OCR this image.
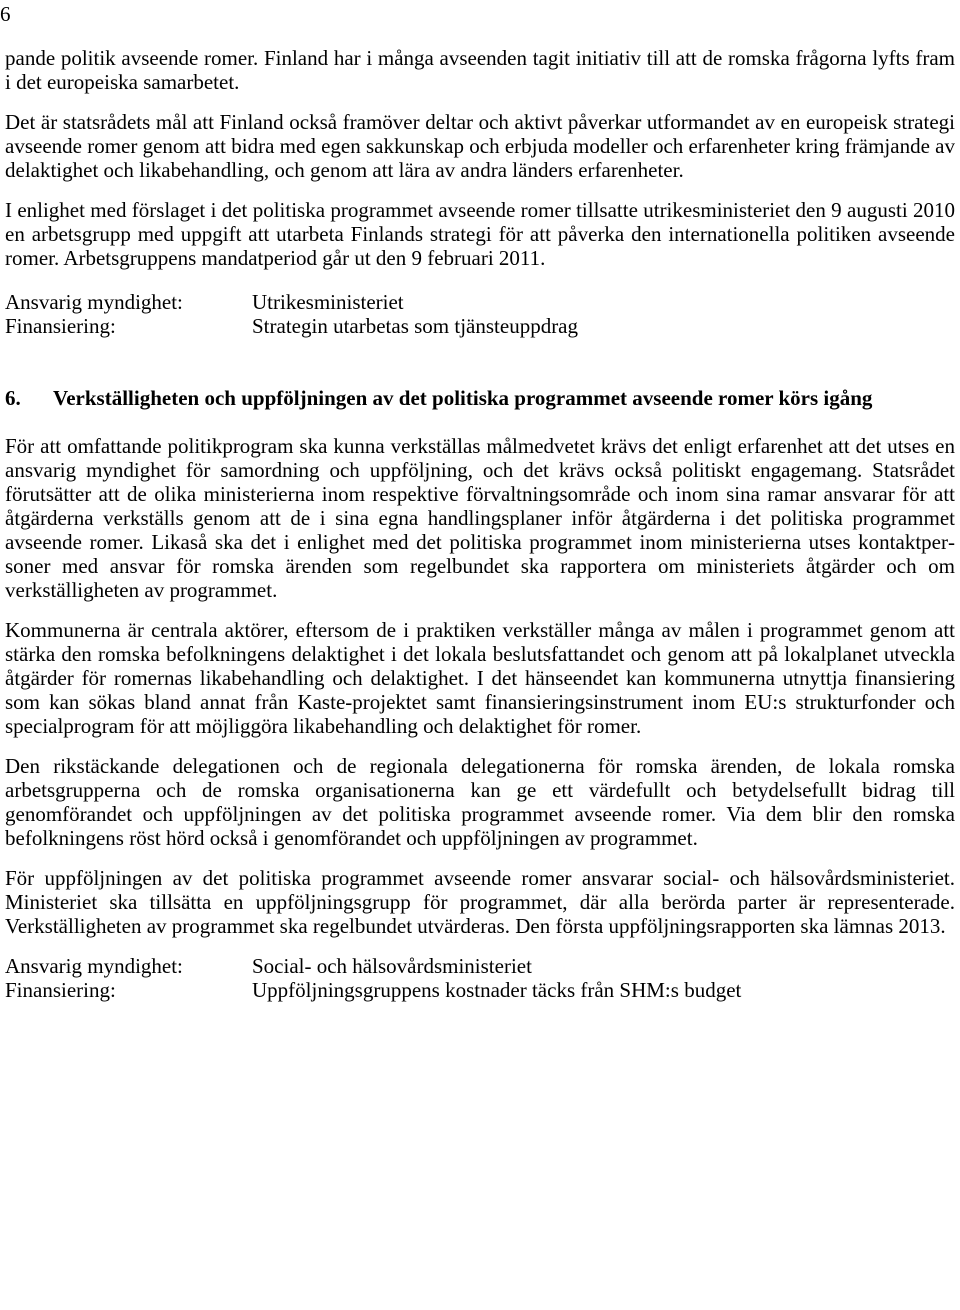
6

pande politik avseende romer. Finland har i många avseenden tagit initiativ till att de romska frågorna lyfts fram i det europeiska samarbetet.

Det är statsrådets mål att Finland också framöver deltar och aktivt påverkar utformandet av en europeisk strategi avseende romer genom att bidra med egen sakkunskap och erbjuda modeller och erfarenheter kring främjande av delaktighet och likabehandling, och genom att lära av andra länders erfarenheter.

I enlighet med förslaget i det politiska programmet avseende romer tillsatte utrikesministeriet den 9 augusti 2010 en arbetsgrupp med uppgift att utarbeta Finlands strategi för att påverka den internationella politiken avseende romer. Arbetsgruppens mandatperiod går ut den 9 februari 2011.

Ansvarig myndighet:	Utrikesministeriet
Finansiering:	Strategin utarbetas som tjänsteuppdrag
6.	Verkställigheten och uppföljningen av det politiska programmet avseende romer körs igång

För att omfattande politikprogram ska kunna verkställas målmedvetet krävs det enligt erfarenhet att det utses en ansvarig myndighet för samordning och uppföljning, och det krävs också politiskt engagemang. Statsrådet förutsätter att de olika ministerierna inom respektive förvaltningsområde och inom sina ramar ansvarar för att åtgärderna verkställs genom att de i sina egna handlingsplaner inför åtgärderna i det politiska programmet avseende romer. Likaså ska det i enlighet med det politiska programmet inom ministerierna utses kontaktpersoner med ansvar för romska ärenden som regelbundet ska rapportera om ministeriets åtgärder och om verkställigheten av programmet.

Kommunerna är centrala aktörer, eftersom de i praktiken verkställer många av målen i programmet genom att stärka den romska befolkningens delaktighet i det lokala beslutsfattandet och genom att på lokalplanet utveckla åtgärder för romernas likabehandling och delaktighet. I det hänseendet kan kommunerna utnyttja finansiering som kan sökas bland annat från Kaste-projektet samt finansieringsinstrument inom EU:s strukturfonder och specialprogram för att möjliggöra likabehandling och delaktighet för romer.

Den rikstäckande delegationen och de regionala delegationerna för romska ärenden, de lokala romska arbetsgrupperna och de romska organisationerna kan ge ett värdefullt och betydelsefullt bidrag till genomförandet och uppföljningen av det politiska programmet avseende romer. Via dem blir den romska befolkningens röst hörd också i genomförandet och uppföljningen av programmet.

För uppföljningen av det politiska programmet avseende romer ansvarar social- och hälsovårdsministeriet. Ministeriet ska tillsätta en uppföljningsgrupp för programmet, där alla berörda parter är representerade. Verkställigheten av programmet ska regelbundet utvärderas. Den första uppföljningsrapporten ska lämnas 2013.

Ansvarig myndighet:	Social- och hälsovårdsministeriet
Finansiering:	Uppföljningsgruppens kostnader täcks från SHM:s budget
